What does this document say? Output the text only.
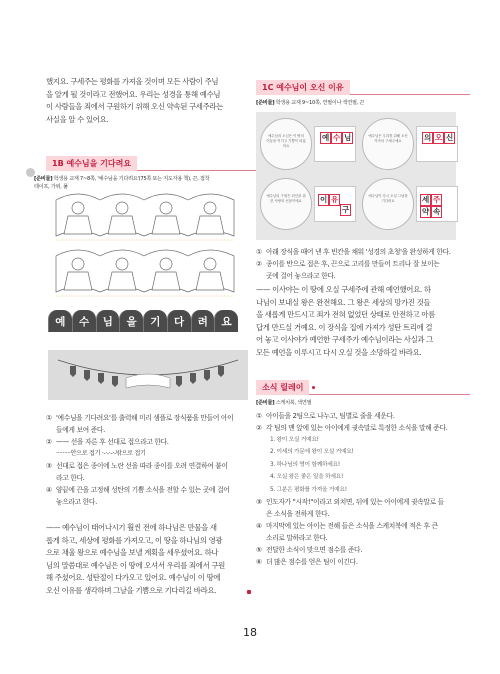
했지요. 구세주는 평화를 가져올 것이며 모든 사람이 주님
을 알게 될 것이라고 전했어요. 우리는 성경을 통해 예수님
이 사람들을 죄에서 구원하기 위해 오신 약속된 구세주라는
사실을 알 수 있어요.
1B 예수님을 기다려요
[준비물] 학생용 교재 7~8쪽, '예수님을 기다려요'(75쪽 또는 지도자용 책), 끈, 접착
테이프, 가위, 풀
예	수	님	을	기	다	려	요
① '예수님을 기다려요'를 출력해 미리 샘플로 장식품을 만들어 아이
들에게 보여 준다.
② —— 선을 자른 후 선대로 접으라고 한다.
·········안으로 접기 ·-·-·-·-밖으로 접기
③ 선대로 접은 종이에 노란 선을 따라 종이를 오려 연결하여 붙이
라고 한다.
④ 양끝에 끈을 고정해 성탄의 기쁨 소식을 전할 수 있는 곳에 걸어
놓으라고 한다.
—— 예수님이 태어나시기 훨씬 전에 하나님은 만물을 새
롭게 하고, 세상에 평화를 가져오고, 이 땅을 하나님의 영광
으로 채울 왕으로 예수님을 보낼 계획을 세우셨어요. 하나
님의 말씀대로 예수님은 이 땅에 오셔서 우리를 죄에서 구원
해 주셨어요. 성탄절이 다가오고 있어요. 예수님이 이 땅에
오신 이유를 생각하며 그날을 기쁨으로 기다리길 바라요.
1C 예수님이 오신 이유
[준비물] 학생용 교재 9~10쪽, 연필이나 색연필, 끈
예 수 님	의 오 신
이 유
구
세 주
약 속
예수님의 오심은 이 땅의 어둠을 이기고 기쁨이 되었어요
예수님의 구원은 죄인을 위한 사랑의 선물이에요
예수님은 우리를 위해 오신 약속의 구세주예요
예수님이 다시 오실 그날을 기다려요
① 아래 장식을 때어 낸 후 빈칸을 채워 '성경의 초청'을 완성하게 한다.
② 종이를 반으로 접은 후, 끈으로 고리를 만들어 트리나 잘 보이는
곳에 걸어 놓으라고 한다.
—— 이사야는 이 땅에 오실 구세주에 관해 예언했어요. 하
나님이 보내실 왕은 완전해요. 그 왕은 세상의 망가진 것들
을 새롭게 만드시고 죄가 전혀 없었던 상태로 안전하고 아름
답게 만드실 거예요. 이 장식을 집에 가져가 성탄 트리에 걸
어 놓고 이사야가 예언한 구세주가 예수님이라는 사실과 그
모든 예언을 이루시고 다시 오실 것을 소망하길 바라요.
소식 릴레이
[준비물] 스케치북, 색연필
① 아이들을 2팀으로 나누고, 팀별로 줄을 세운다.
② 각 팀의 맨 앞에 있는 아이에게 귓속말로 특정한 소식을 말해 준다.
1. 왕이 오실 거예요!
2. 이세의 가문에 왕이 오실 거예요!
3. 하나님의 영이 함께하세요!
4. 오실 왕은 좋은 일을 하세요!
5. 그분은 평화를 가져올 거예요!
③ 인도자가 "시작!"이라고 외치면, 뒤에 있는 아이에게 귓속말로 들
은 소식을 전하게 한다.
④ 마지막에 있는 아이는 전해 들은 소식을 스케치북에 적은 후 큰
소리로 말하라고 한다.
⑤ 전달한 소식이 맞으면 점수를 준다.
⑥ 더 많은 점수를 얻은 팀이 이긴다.
18
